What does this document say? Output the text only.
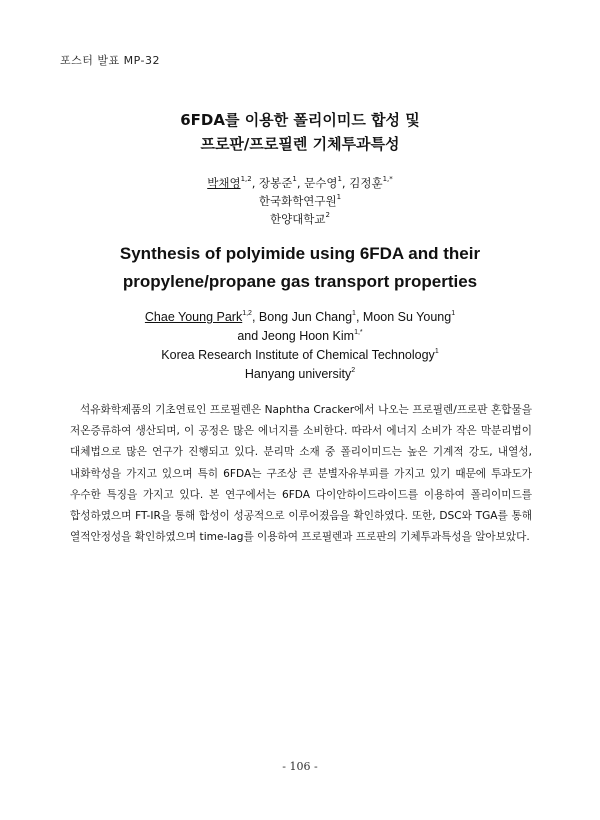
포스터 발표 MP-32
6FDA를 이용한 폴리이미드 합성 및
프로판/프로필렌 기체투과특성
박채영$^{1,2}$, 장봉준$^1$, 문수영$^1$, 김정훈$^{1,*}$
한국화학연구원$^1$
한양대학교$^2$
Synthesis of polyimide using 6FDA and their
propylene/propane gas transport properties
Chae Young Park$^{1,2}$, Bong Jun Chang$^1$, Moon Su Young$^1$
and Jeong Hoon Kim$^{1,*}$
Korea Research Institute of Chemical Technology$^1$
Hanyang university$^2$
석유화학제품의 기초연료인 프로필렌은 Naphtha Cracker에서 나오는 프로필렌/프로판 혼합물을 저온증류하여 생산되며, 이 공정은 많은 에너지를 소비한다. 따라서 에너지 소비가 작은 막분리법이 대체법으로 많은 연구가 진행되고 있다. 분리막 소재 중 폴리이미드는 높은 기계적 강도, 내열성, 내화학성을 가지고 있으며 특히 6FDA는 구조상 큰 분별자유부피를 가지고 있기 때문에 투과도가 우수한 특징을 가지고 있다. 본 연구에서는 6FDA 다이안하이드라이드를 이용하여 폴리이미드를 합성하였으며 FT-IR을 통해 합성이 성공적으로 이루어졌음을 확인하였다. 또한, DSC와 TGA를 통해 열적안정성을 확인하였으며 time-lag를 이용하여 프로필렌과 프로판의 기체투과특성을 알아보았다.
- 106 -
